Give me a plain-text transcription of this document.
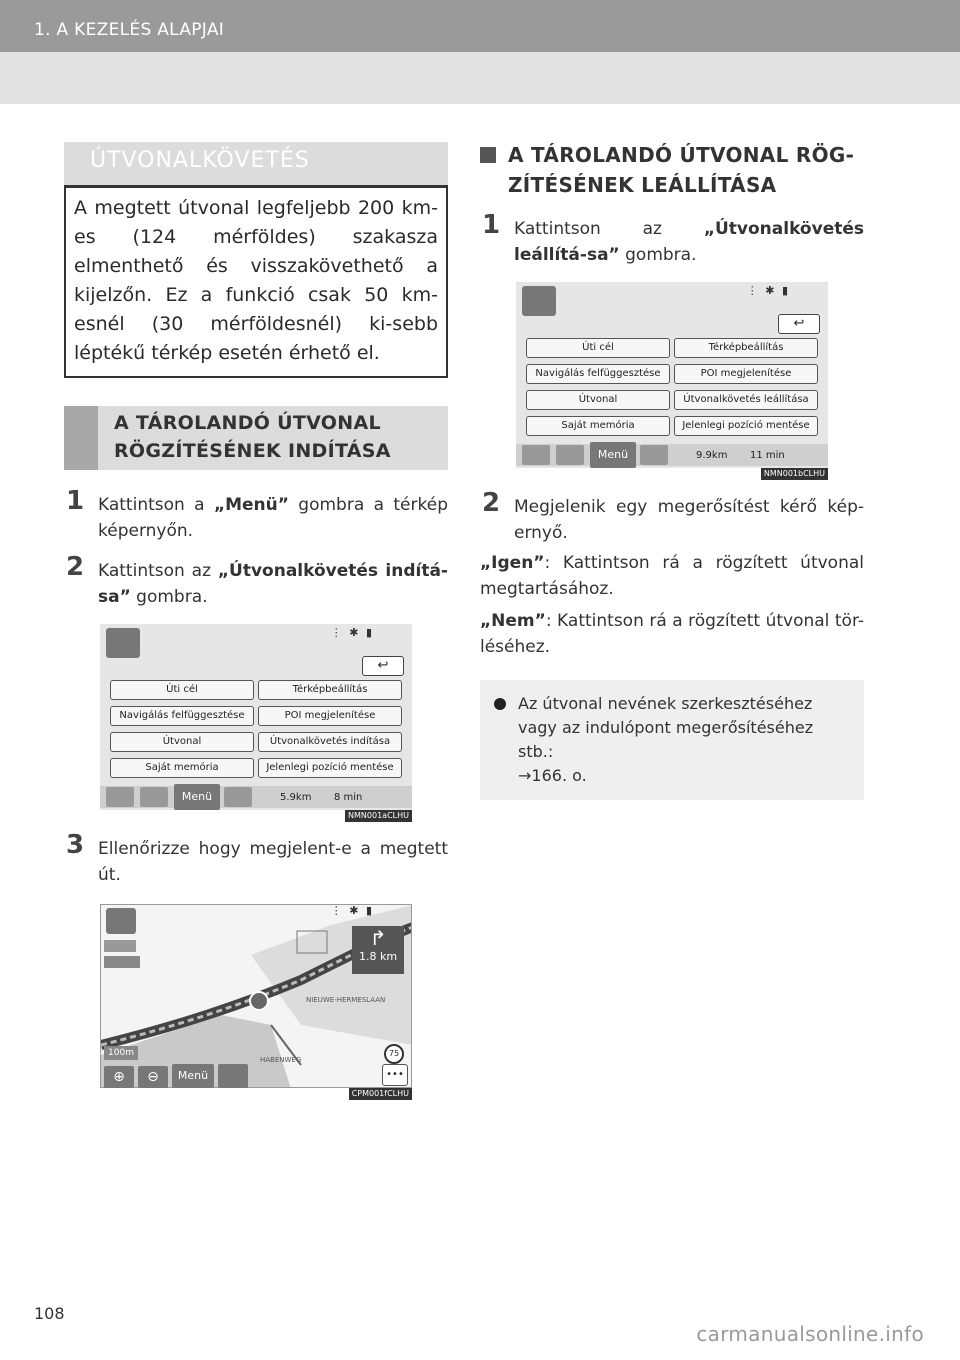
1. A KEZELÉS ALAPJAI
ÚTVONALKÖVETÉS
A megtett útvonal legfeljebb 200 km-es (124 mérföldes) szakasza elmenthető és visszakövethető a kijelzőn. Ez a funkció csak 50 km-esnél (30 mérföldesnél) ki-sebb léptékű térkép esetén érhető el.
A TÁROLANDÓ ÚTVONAL RÖGZÍTÉSÉNEK INDÍTÁSA
1 Kattintson a „Menü” gombra a térkép képernyőn.
2 Kattintson az „Útvonalkövetés indítá-sa” gombra.
⋮ ✱ ▮
↩
Úti cél	Térképbeállítás
Navigálás felfüggesztése	POI megjelenítése
Útvonal	Útvonalkövetés indítása
Saját memória	Jelenlegi pozíció mentése
Menü	5.9km 8 min
NMN001aCLHU
3 Ellenőrizze hogy megjelent-e a megtett út.
⋮ ✱ ▮
↱
1.8 km
NIEUWE-HERMESLAAN
HABENWEG
100m	75
⊕	⊖	Menü	•••
CPM001fCLHU
A TÁROLANDÓ ÚTVONAL RÖG-ZÍTÉSÉNEK LEÁLLÍTÁSA
1 Kattintson az „Útvonalkövetés leállítá-sa” gombra.
⋮ ✱ ▮
↩
Úti cél	Térképbeállítás
Navigálás felfüggesztése	POI megjelenítése
Útvonal	Útvonalkövetés leállítása
Saját memória	Jelenlegi pozíció mentése
Menü	9.9km 11 min
NMN001bCLHU
2 Megjelenik egy megerősítést kérő kép-ernyő.
„Igen”: Kattintson rá a rögzített útvonal megtartásához.
„Nem”: Kattintson rá a rögzített útvonal tör-léséhez.
Az útvonal nevének szerkesztéséhez vagy az indulópont megerősítéséhez stb.:
→166. o.
108
carmanualsonline.info
